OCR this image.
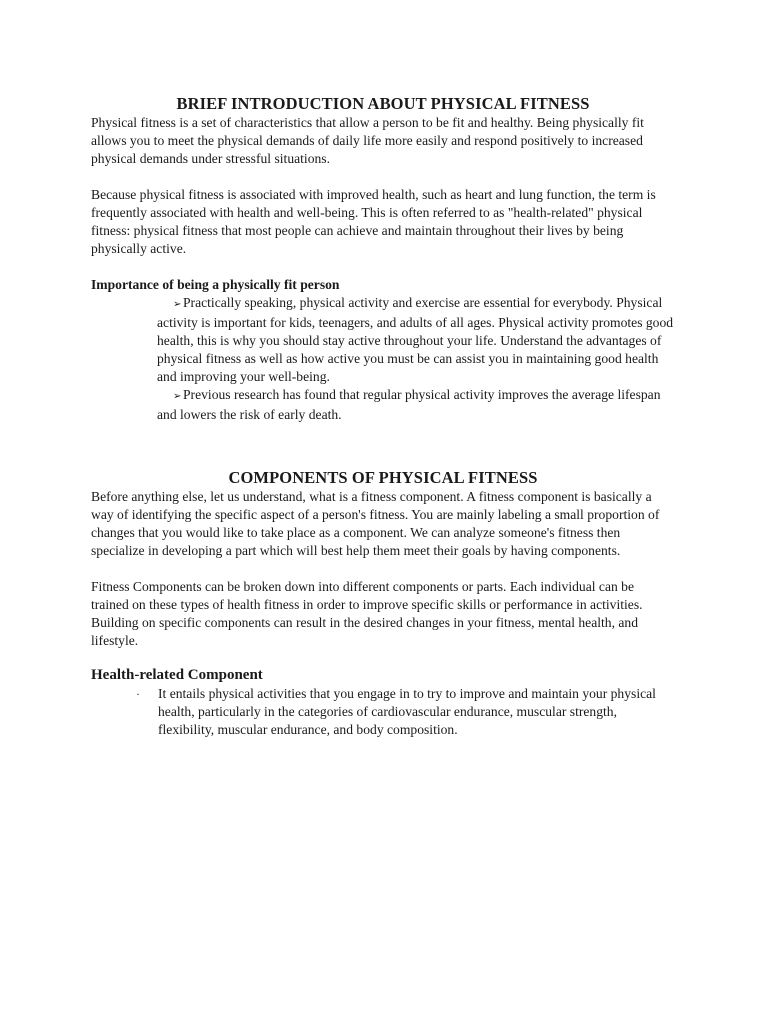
BRIEF INTRODUCTION ABOUT PHYSICAL FITNESS

Physical fitness is a set of characteristics that allow a person to be fit and healthy. Being physically fit allows you to meet the physical demands of daily life more easily and respond positively to increased physical demands under stressful situations.

Because physical fitness is associated with improved health, such as heart and lung function, the term is frequently associated with health and well-being. This is often referred to as "health-related" physical fitness: physical fitness that most people can achieve and maintain throughout their lives by being physically active.

Importance of being a physically fit person

➢ Practically speaking, physical activity and exercise are essential for everybody. Physical activity is important for kids, teenagers, and adults of all ages. Physical activity promotes good health, this is why you should stay active throughout your life. Understand the advantages of physical fitness as well as how active you must be can assist you in maintaining good health and improving your well-being.
➢ Previous research has found that regular physical activity improves the average lifespan and lowers the risk of early death.
COMPONENTS OF PHYSICAL FITNESS

Before anything else, let us understand, what is a fitness component. A fitness component is basically a way of identifying the specific aspect of a person's fitness. You are mainly labeling a small proportion of changes that you would like to take place as a component. We can analyze someone's fitness then specialize in developing a part which will best help them meet their goals by having components.

Fitness Components can be broken down into different components or parts. Each individual can be trained on these types of health fitness in order to improve specific skills or performance in activities. Building on specific components can result in the desired changes in your fitness, mental health, and lifestyle.

Health-related Component

·	It entails physical activities that you engage in to try to improve and maintain your physical health, particularly in the categories of cardiovascular endurance, muscular strength, flexibility, muscular endurance, and body composition.
